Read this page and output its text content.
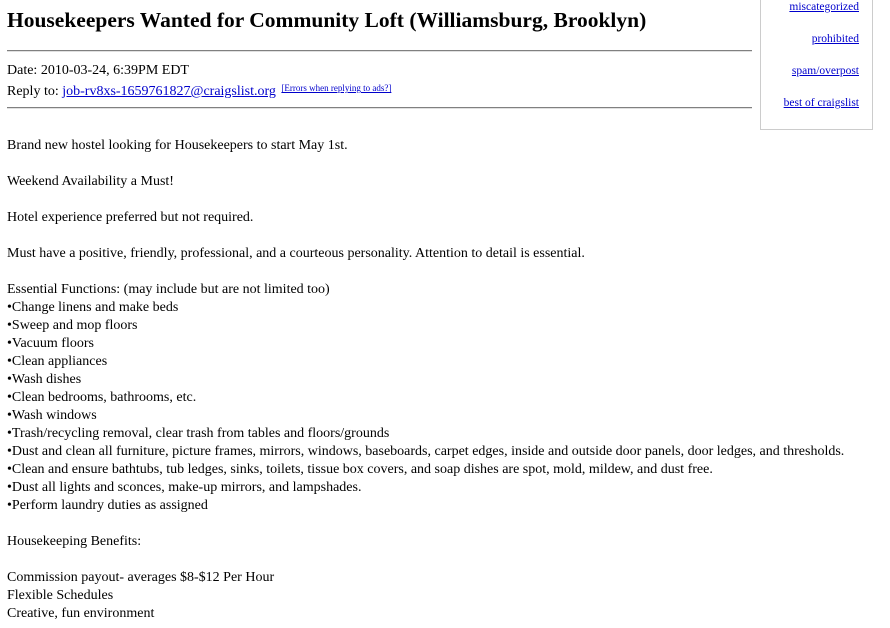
miscategorized
prohibited
spam/overpost
best of craigslist
Housekeepers Wanted for Community Loft (Williamsburg, Brooklyn)
Date: 2010-03-24, 6:39PM EDT
Reply to: job-rv8xs-1659761827@craigslist.org [Errors when replying to ads?]

Brand new hostel looking for Housekeepers to start May 1st.

Weekend Availability a Must!

Hotel experience preferred but not required.

Must have a positive, friendly, professional, and a courteous personality. Attention to detail is essential.

Essential Functions: (may include but are not limited too)
• Change linens and make beds
• Sweep and mop floors
• Vacuum floors
• Clean appliances
• Wash dishes
• Clean bedrooms, bathrooms, etc.
• Wash windows
• Trash/recycling removal, clear trash from tables and floors/grounds
• Dust and clean all furniture, picture frames, mirrors, windows, baseboards, carpet edges, inside and outside door panels, door ledges, and thresholds.
• Clean and ensure bathtubs, tub ledges, sinks, toilets, tissue box covers, and soap dishes are spot, mold, mildew, and dust free.
• Dust all lights and sconces, make-up mirrors, and lampshades.
• Perform laundry duties as assigned

Housekeeping Benefits:

Commission payout- averages $8-$12 Per Hour
Flexible Schedules
Creative, fun environment
